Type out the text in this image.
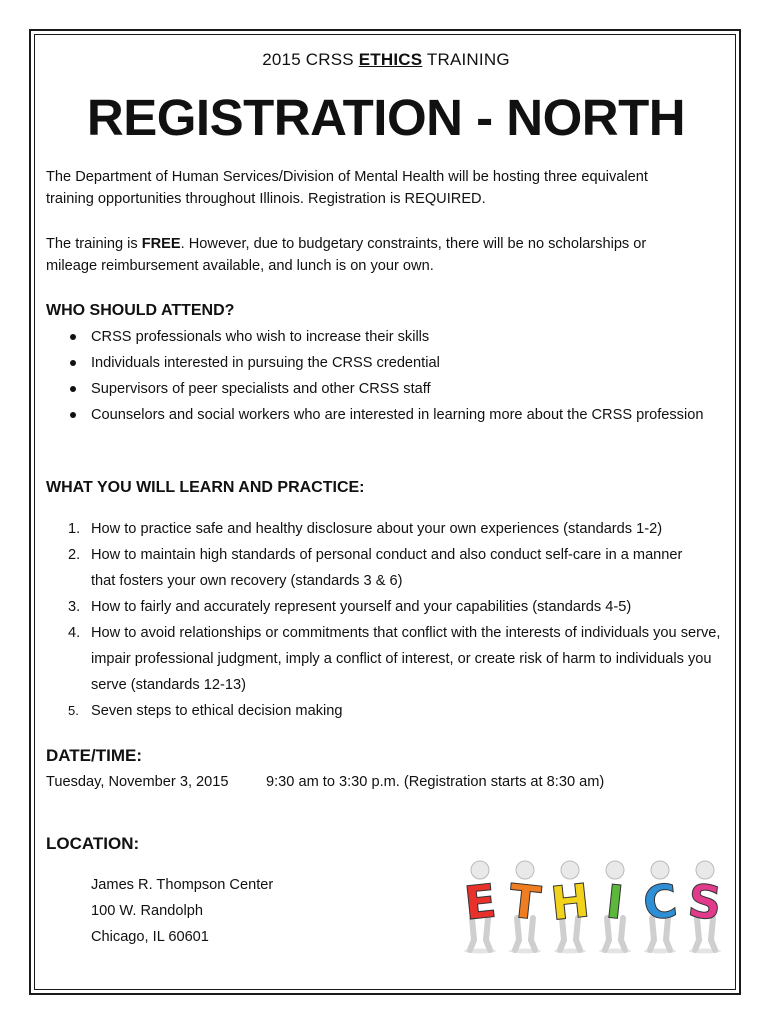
2015 CRSS ETHICS TRAINING
REGISTRATION - NORTH
The Department of Human Services/Division of Mental Health will be hosting three equivalent
training opportunities throughout Illinois. Registration is REQUIRED.
The training is FREE. However, due to budgetary constraints, there will be no scholarships or
mileage reimbursement available, and lunch is on your own.
WHO SHOULD ATTEND?
CRSS professionals who wish to increase their skills
Individuals interested in pursuing the CRSS credential
Supervisors of peer specialists and other CRSS staff
Counselors and social workers who are interested in learning more about the CRSS profession
WHAT YOU WILL LEARN AND PRACTICE:
1. How to practice safe and healthy disclosure about your own experiences (standards 1-2)
2. How to maintain high standards of personal conduct and also conduct self-care in a manner that fosters your own recovery (standards 3 & 6)
3. How to fairly and accurately represent yourself and your capabilities (standards 4-5)
4. How to avoid relationships or commitments that conflict with the interests of individuals you serve, impair professional judgment, imply a conflict of interest, or create risk of harm to individuals you serve (standards 12-13)
5. Seven steps to ethical decision making
DATE/TIME:
Tuesday, November 3, 2015	9:30 am to 3:30 p.m. (Registration starts at 8:30 am)
LOCATION:
James R. Thompson Center
100 W. Randolph
Chicago, IL 60601
E T H I C S
